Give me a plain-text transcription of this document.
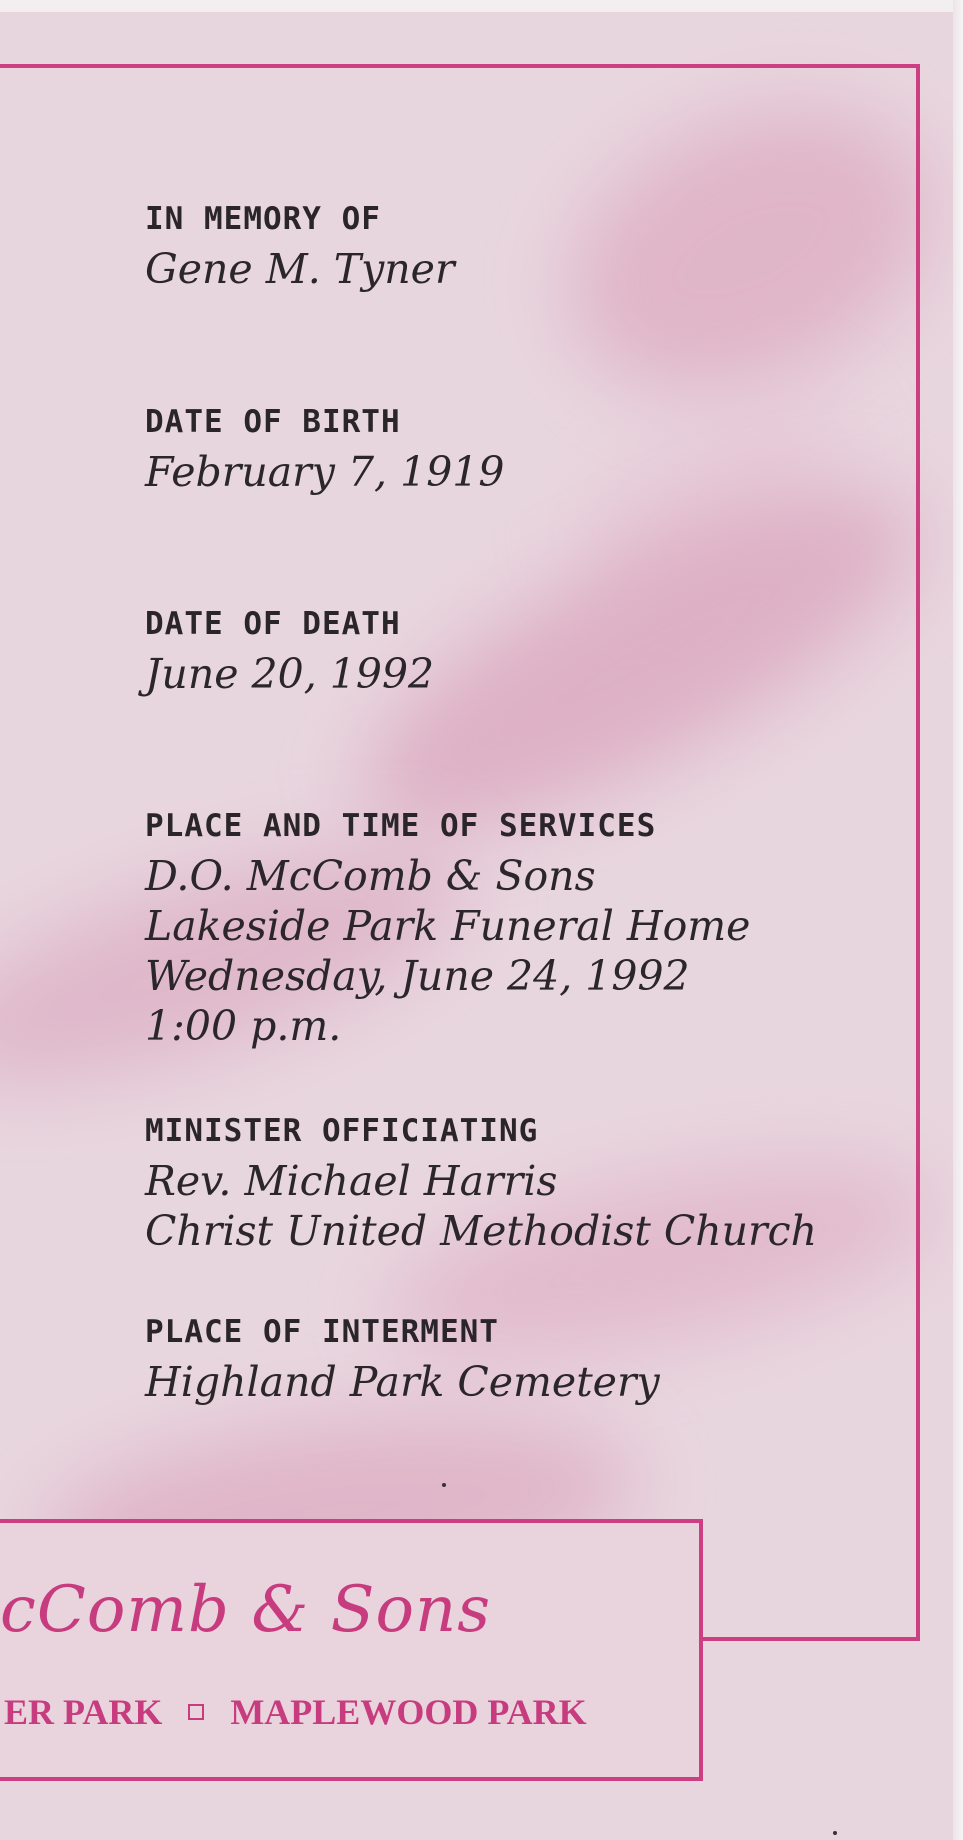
IN MEMORY OF

Gene M. Tyner

DATE OF BIRTH

February 7, 1919

DATE OF DEATH

June 20, 1992

PLACE AND TIME OF SERVICES

D.O. McComb & Sons

Lakeside Park Funeral Home

Wednesday, June 24, 1992

1:00 p.m.

MINISTER OFFICIATING

Rev. Michael Harris

Christ United Methodist Church

PLACE OF INTERMENT

Highland Park Cemetery

cComb & Sons
ER PARK MAPLEWOOD PARK
